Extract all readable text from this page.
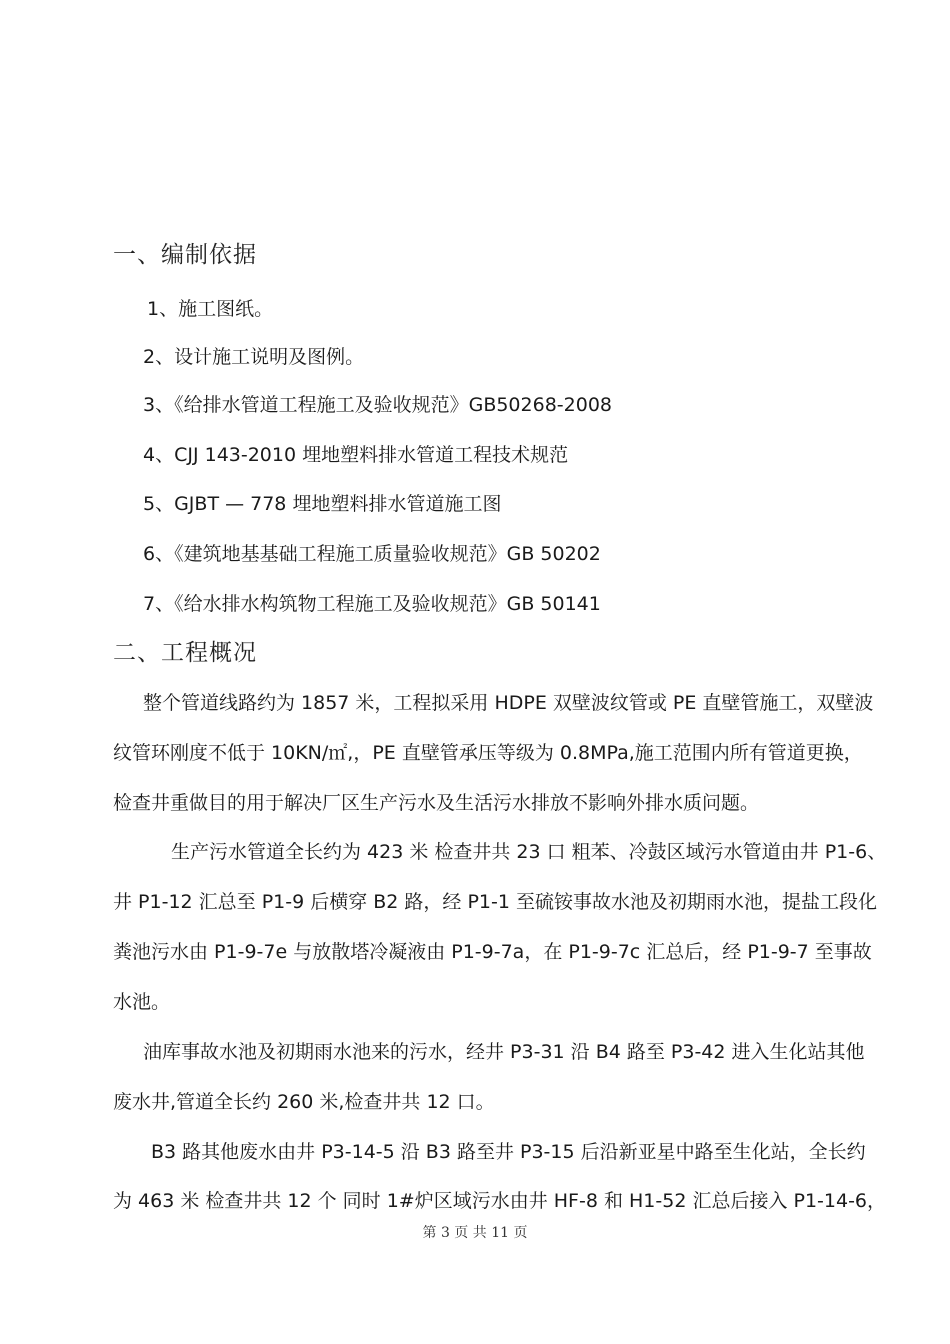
一、编制依据
1、施工图纸。
2、设计施工说明及图例。
3、《给排水管道工程施工及验收规范》GB50268-2008
4、CJJ 143-2010 埋地塑料排水管道工程技术规范
5、GJBT — 778 埋地塑料排水管道施工图
6、《建筑地基基础工程施工质量验收规范》GB 50202
7、《给水排水构筑物工程施工及验收规范》GB 50141
二、工程概况
整个管道线路约为 1857 米，工程拟采用 HDPE 双壁波纹管或 PE 直壁管施工，双壁波
纹管环刚度不低于 10KN/㎡,，PE 直壁管承压等级为 0.8MPa,施工范围内所有管道更换，
检查井重做目的用于解决厂区生产污水及生活污水排放不影响外排水质问题。
生产污水管道全长约为 423 米 检查井共 23 口 粗苯、冷鼓区域污水管道由井 P1-6、
井 P1-12 汇总至 P1-9 后横穿 B2 路，经 P1-1 至硫铵事故水池及初期雨水池，提盐工段化
粪池污水由 P1-9-7e 与放散塔冷凝液由 P1-9-7a，在 P1-9-7c 汇总后，经 P1-9-7 至事故
水池。
油库事故水池及初期雨水池来的污水，经井 P3-31 沿 B4 路至 P3-42 进入生化站其他
废水井,管道全长约 260 米,检查井共 12 口。
B3 路其他废水由井 P3-14-5 沿 B3 路至井 P3-15 后沿新亚星中路至生化站，全长约
为 463 米 检查井共 12 个 同时 1#炉区域污水由井 HF-8 和 H1-52 汇总后接入 P1-14-6，
第 3 页 共 11 页
